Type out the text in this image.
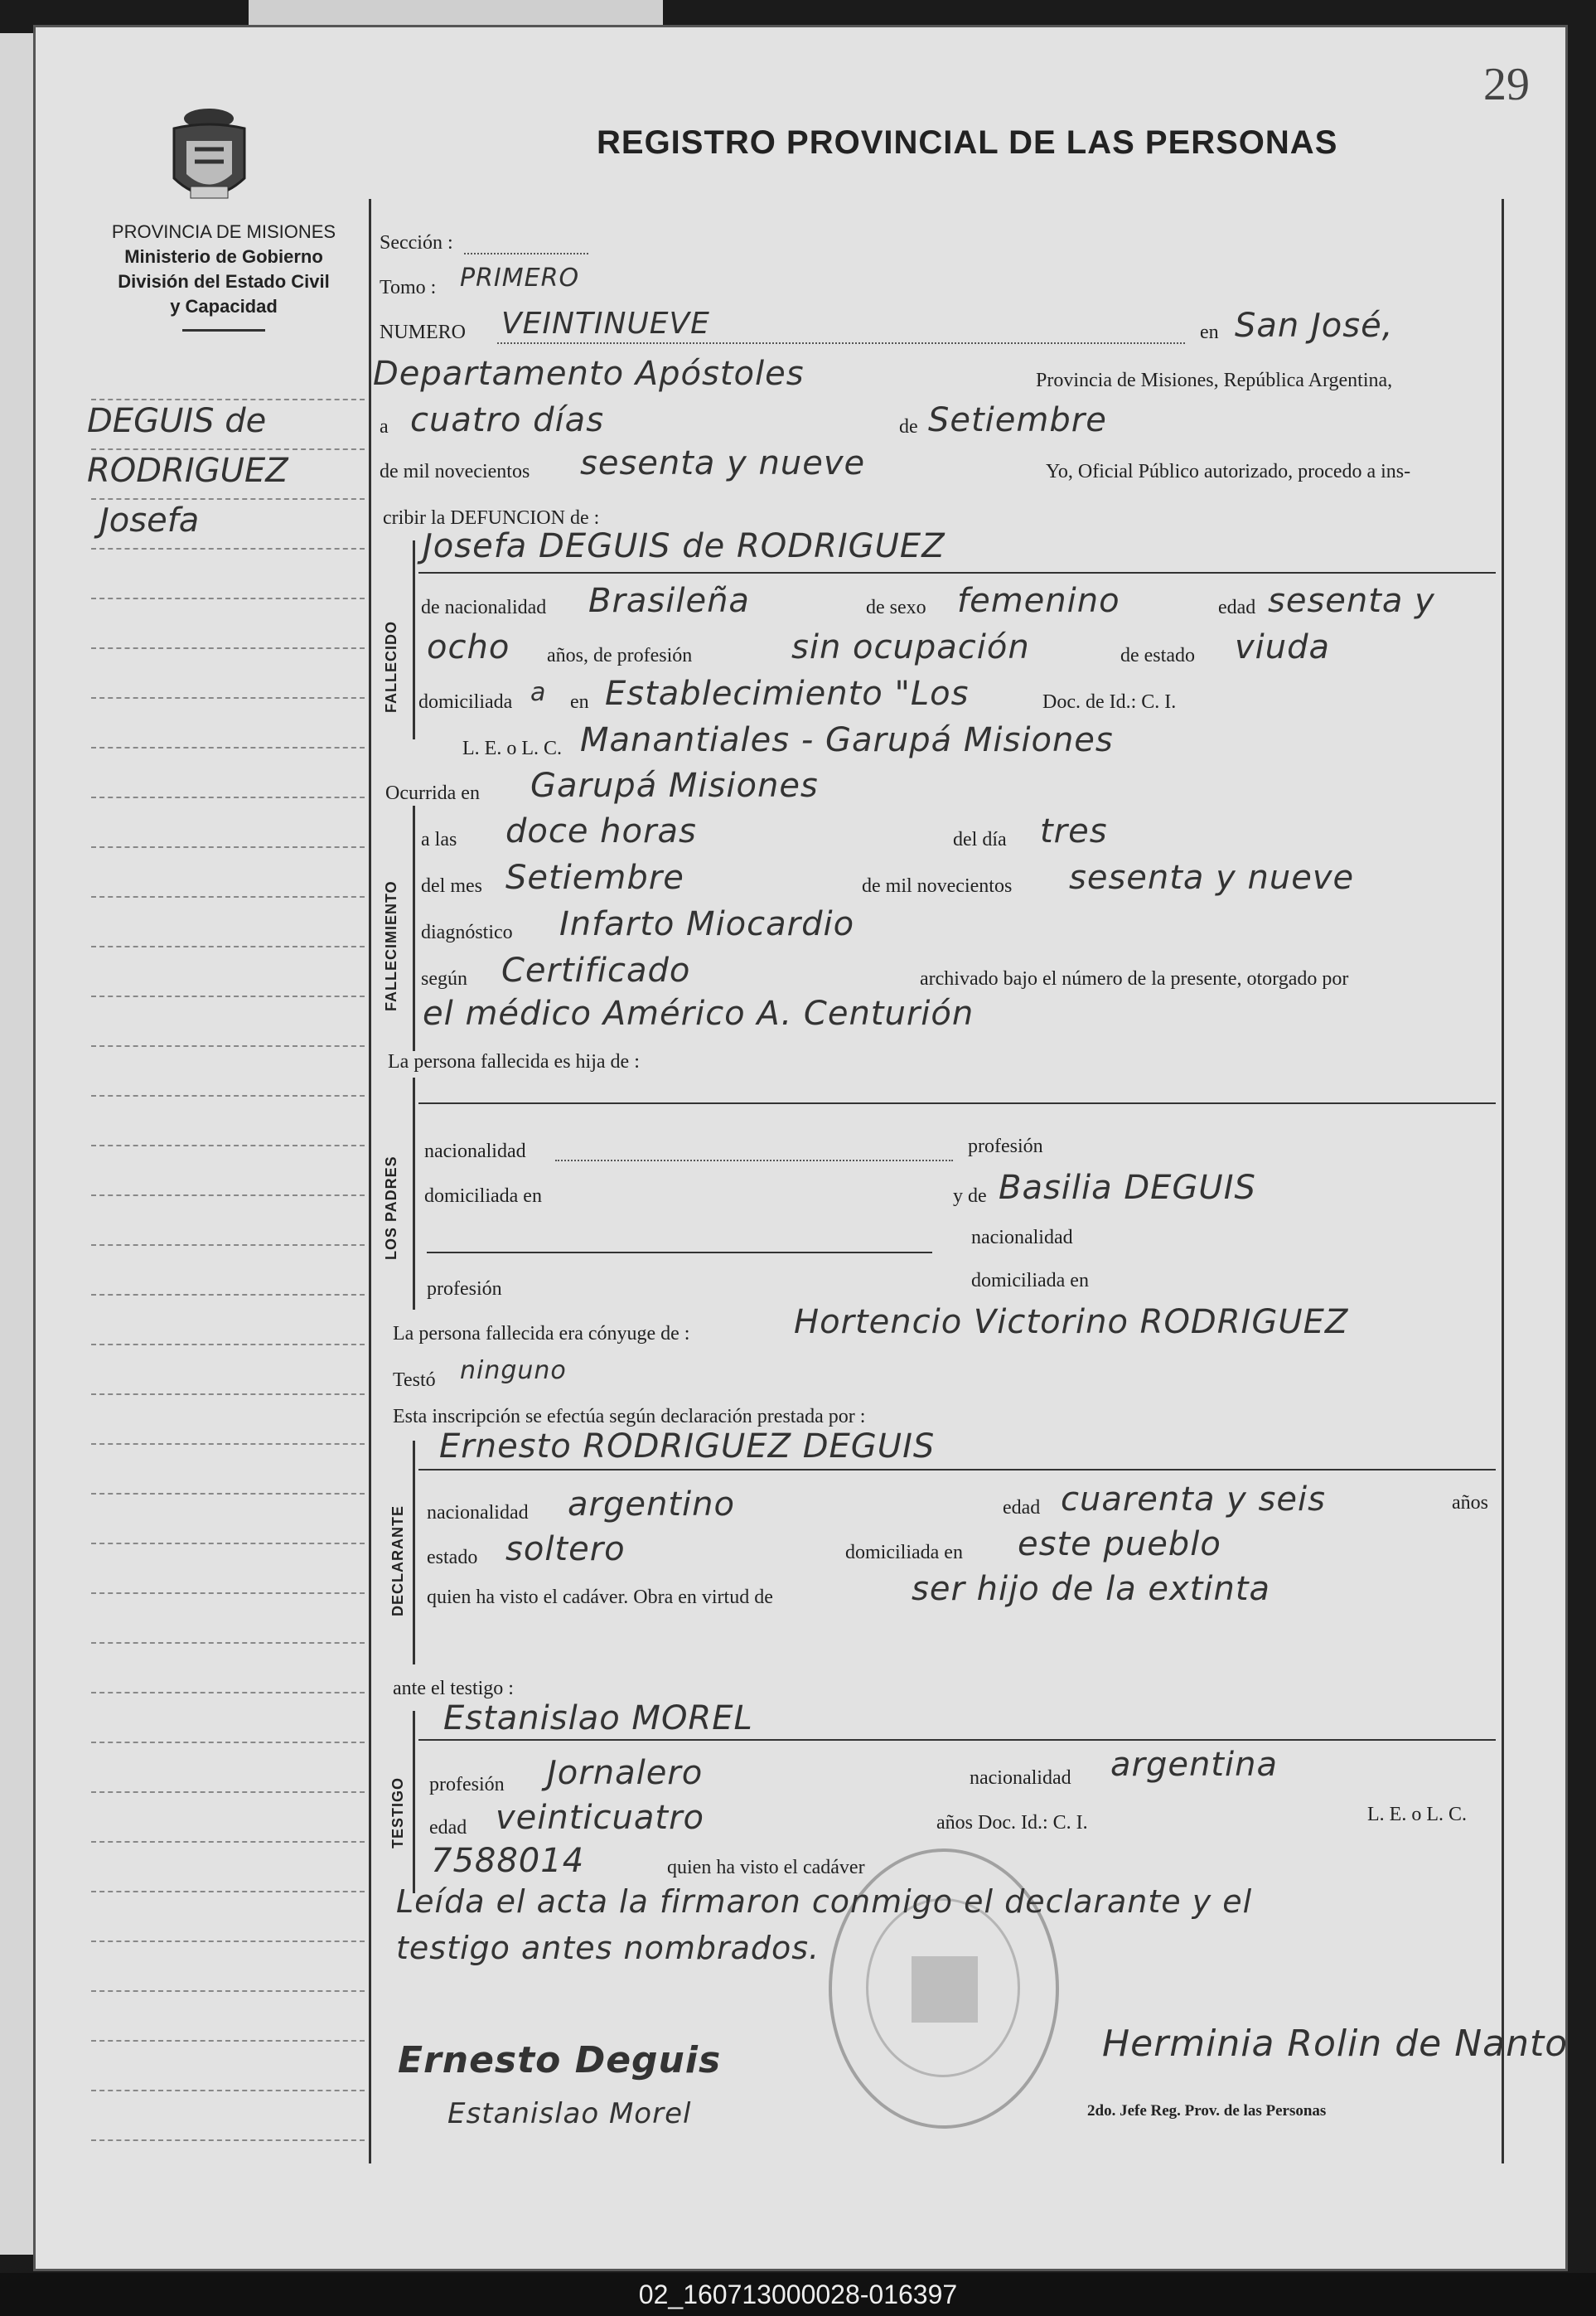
29
PROVINCIA DE MISIONES
Ministerio de Gobierno
División del Estado Civil
y Capacidad
REGISTRO PROVINCIAL DE LAS PERSONAS
DEGUIS de
RODRIGUEZ
Josefa
Sección :
Tomo : PRIMERO
NUMERO VEINTINUEVE	en San José,
Departamento Apóstoles	Provincia de Misiones, República Argentina,
a cuatro días	de Setiembre
de mil novecientos sesenta y nueve	Yo, Oficial Público autorizado, procedo a ins-
cribir la DEFUNCION de :
FALLECIDO
Josefa DEGUIS de RODRIGUEZ
de nacionalidad Brasileña	de sexo femenino	edad sesenta y
ocho años, de profesión	sin ocupación	de estado viuda
domiciliada a en Establecimiento "Los	Doc. de Id.: C. I.
L. E. o L. C. Manantiales - Garupá Misiones
Ocurrida en Garupá Misiones
FALLECIMIENTO
a las doce horas	del día tres
del mes Setiembre	de mil novecientos sesenta y nueve
diagnóstico Infarto Miocardio
según Certificado	archivado bajo el número de la presente, otorgado por
el médico Américo A. Centurión
La persona fallecida es hija de :
LOS PADRES
nacionalidad	profesión
domiciliada en	y de Basilia DEGUIS
nacionalidad
profesión	domiciliada en
La persona fallecida era cónyuge de :	Hortencio Victorino RODRIGUEZ
Testó ninguno
Esta inscripción se efectúa según declaración prestada por :
DECLARANTE
Ernesto RODRIGUEZ DEGUIS
nacionalidad argentino	edad cuarenta y seis	años
estado soltero	domiciliada en este pueblo
quien ha visto el cadáver. Obra en virtud de	ser hijo de la extinta
ante el testigo :
TESTIGO
Estanislao MOREL
profesión Jornalero	nacionalidad argentina
edad veinticuatro	años Doc. Id.: C. I.	L. E. o L. C.
7588014	quien ha visto el cadáver
Leída el acta la firmaron conmigo el declarante y el
testigo antes nombrados.
Ernesto Deguis
Estanislao Morel
Herminia Rolin de Nanto
2do. Jefe Reg. Prov. de las Personas
02_160713000028-016397
